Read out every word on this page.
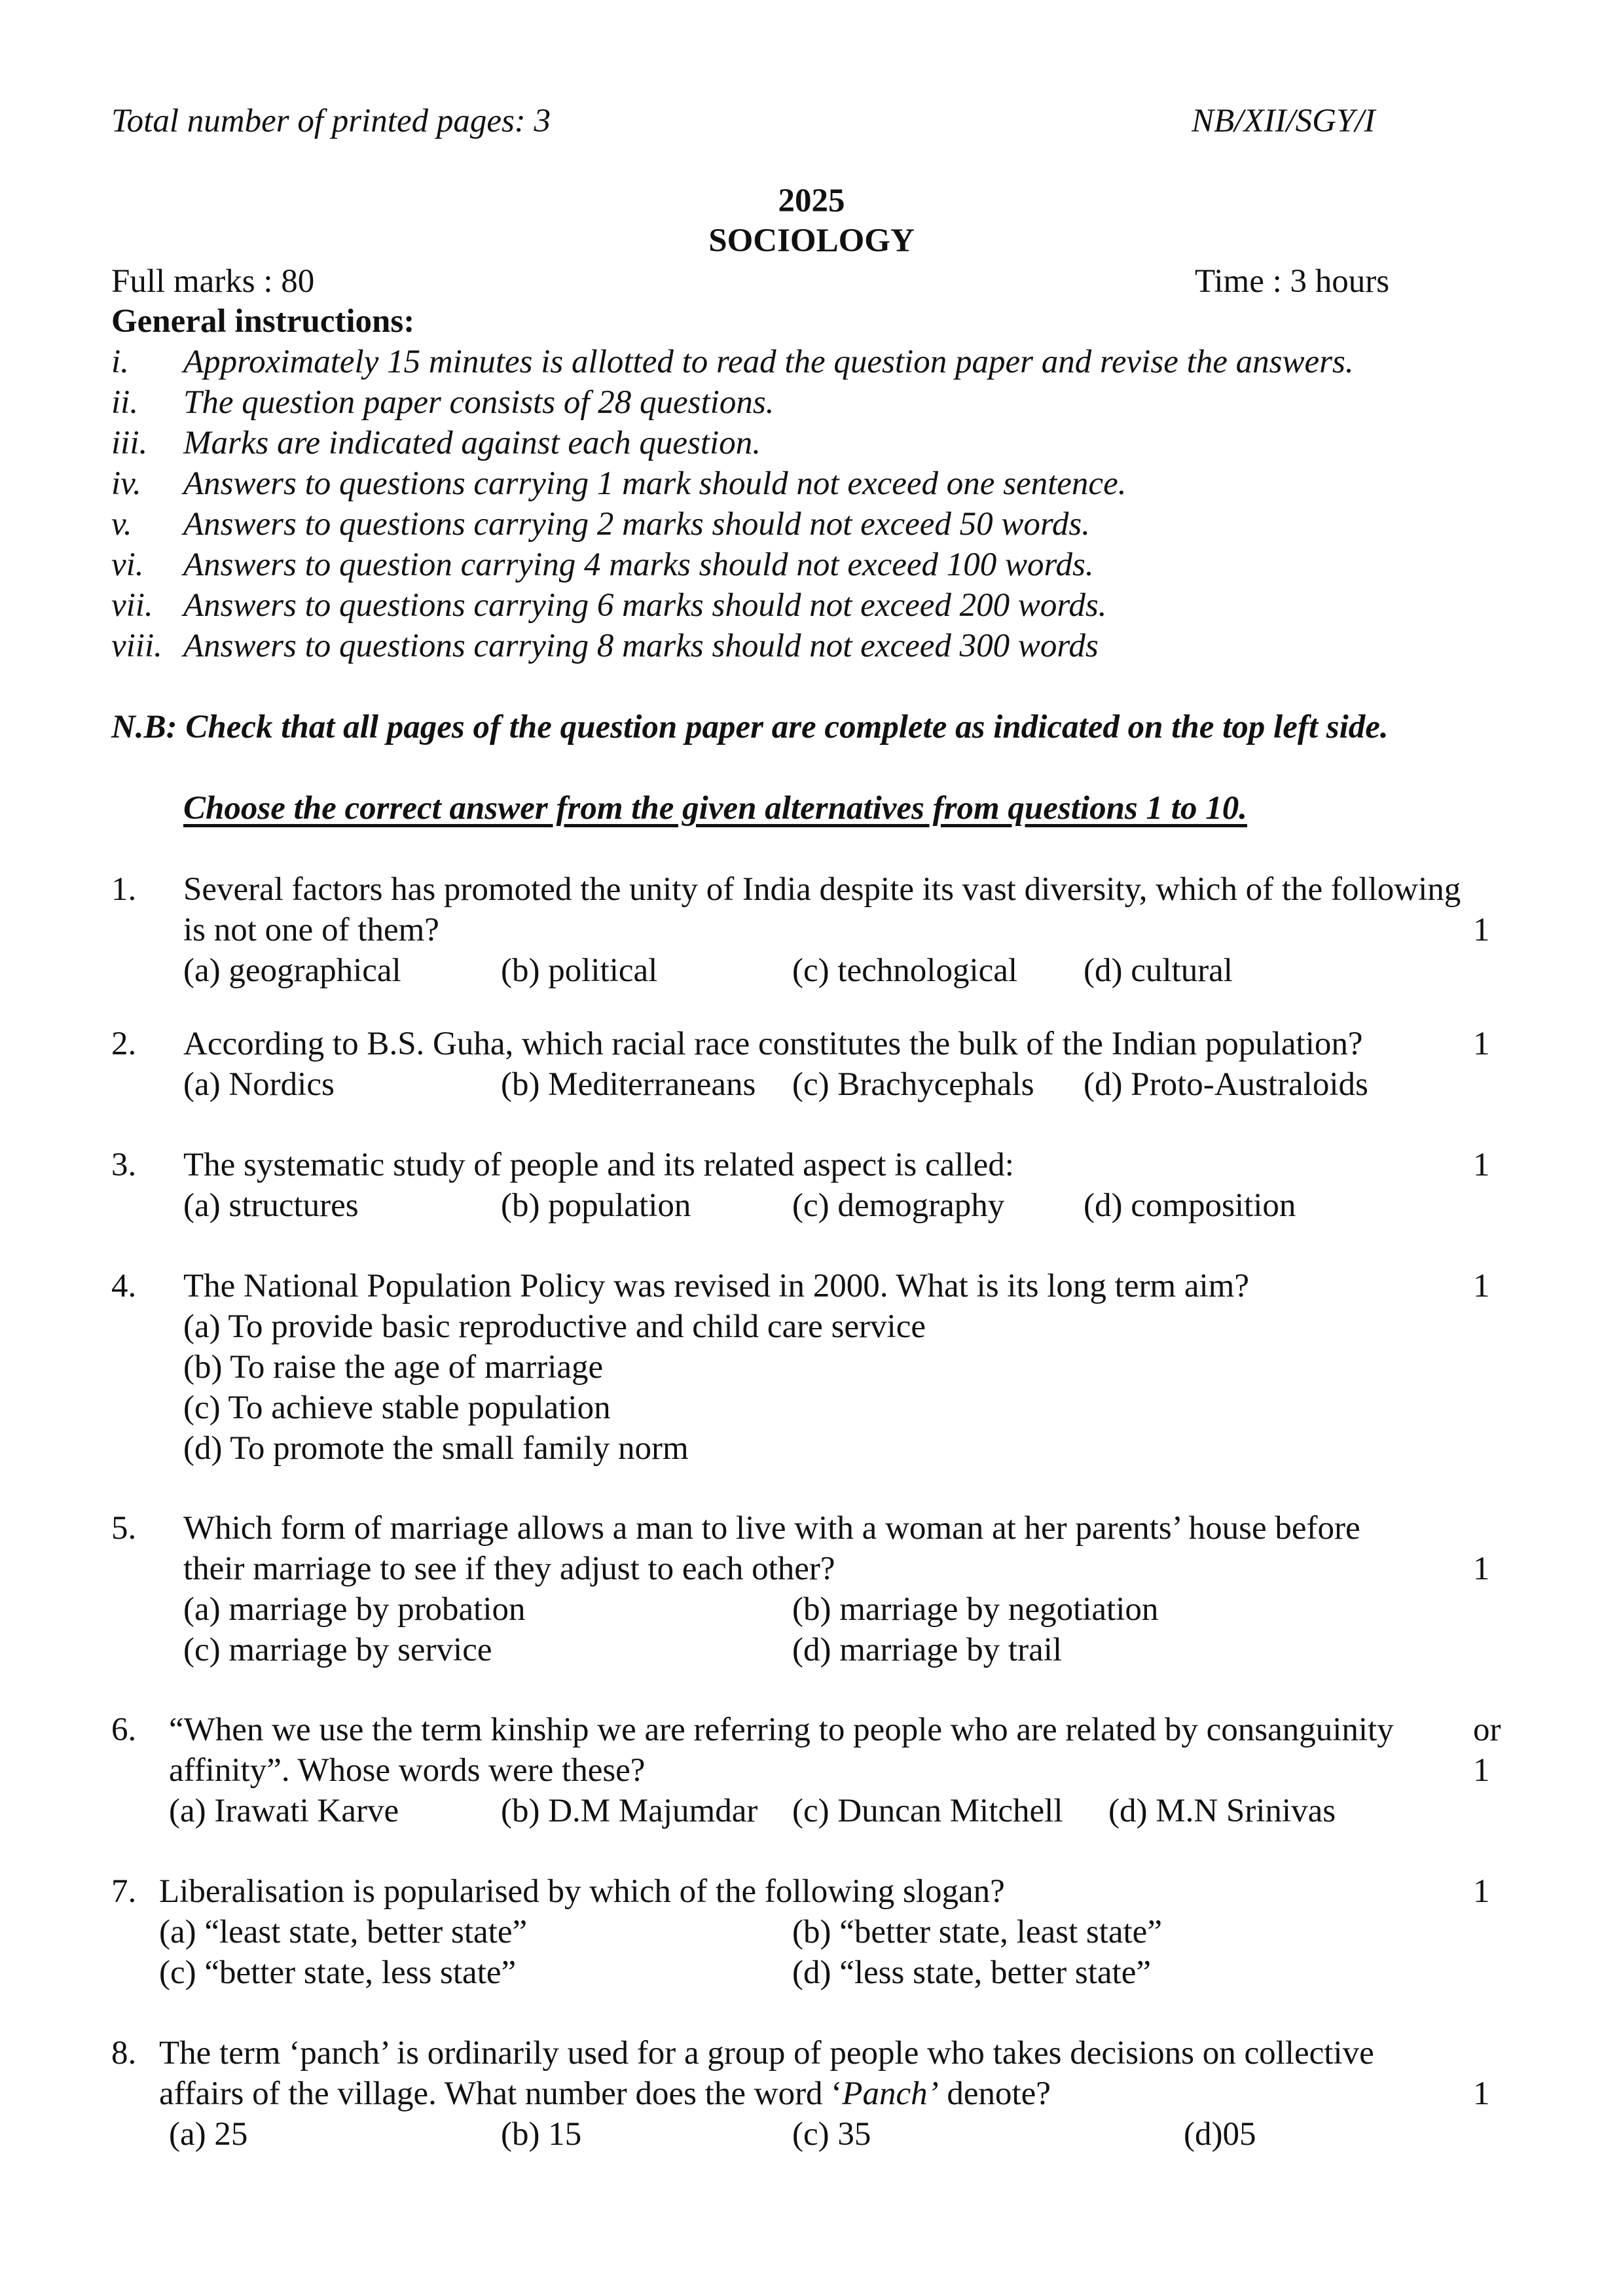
Total number of printed pages: 3	NB/XII/SGY/I
2025
SOCIOLOGY
Full marks : 80	Time : 3 hours
General instructions:
i. Approximately 15 minutes is allotted to read the question paper and revise the answers.
ii. The question paper consists of 28 questions.
iii. Marks are indicated against each question.
iv. Answers to questions carrying 1 mark should not exceed one sentence.
v. Answers to questions carrying 2 marks should not exceed 50 words.
vi. Answers to question carrying 4 marks should not exceed 100 words.
vii. Answers to questions carrying 6 marks should not exceed 200 words.
viii. Answers to questions carrying 8 marks should not exceed 300 words
N.B: Check that all pages of the question paper are complete as indicated on the top left side.
Choose the correct answer from the given alternatives from questions 1 to 10.
1. Several factors has promoted the unity of India despite its vast diversity, which of the following
is not one of them?	1
(a) geographical	(b) political	(c) technological (d) cultural
2. According to B.S. Guha, which racial race constitutes the bulk of the Indian population?	1
(a) Nordics	(b) Mediterraneans (c) Brachycephals (d) Proto-Australoids
3. The systematic study of people and its related aspect is called:	1
(a) structures	(b) population	(c) demography (d) composition
4. The National Population Policy was revised in 2000. What is its long term aim?	1
(a) To provide basic reproductive and child care service
(b) To raise the age of marriage
(c) To achieve stable population
(d) To promote the small family norm
5. Which form of marriage allows a man to live with a woman at her parents’ house before
their marriage to see if they adjust to each other?	1
(a) marriage by probation	(b) marriage by negotiation
(c) marriage by service	(d) marriage by trail
6. “When we use the term kinship we are referring to people who are related by consanguinity or
affinity”. Whose words were these?	1
(a) Irawati Karve	(b) D.M Majumdar (c) Duncan Mitchell (d) M.N Srinivas
7. Liberalisation is popularised by which of the following slogan?	1
(a) “least state, better state”	(b) “better state, least state”
(c) “better state, less state”	(d) “less state, better state”
8. The term ‘panch’ is ordinarily used for a group of people who takes decisions on collective
affairs of the village. What number does the word ‘Panch’ denote?	1
(a) 25	(b) 15	(c) 35	(d)05
